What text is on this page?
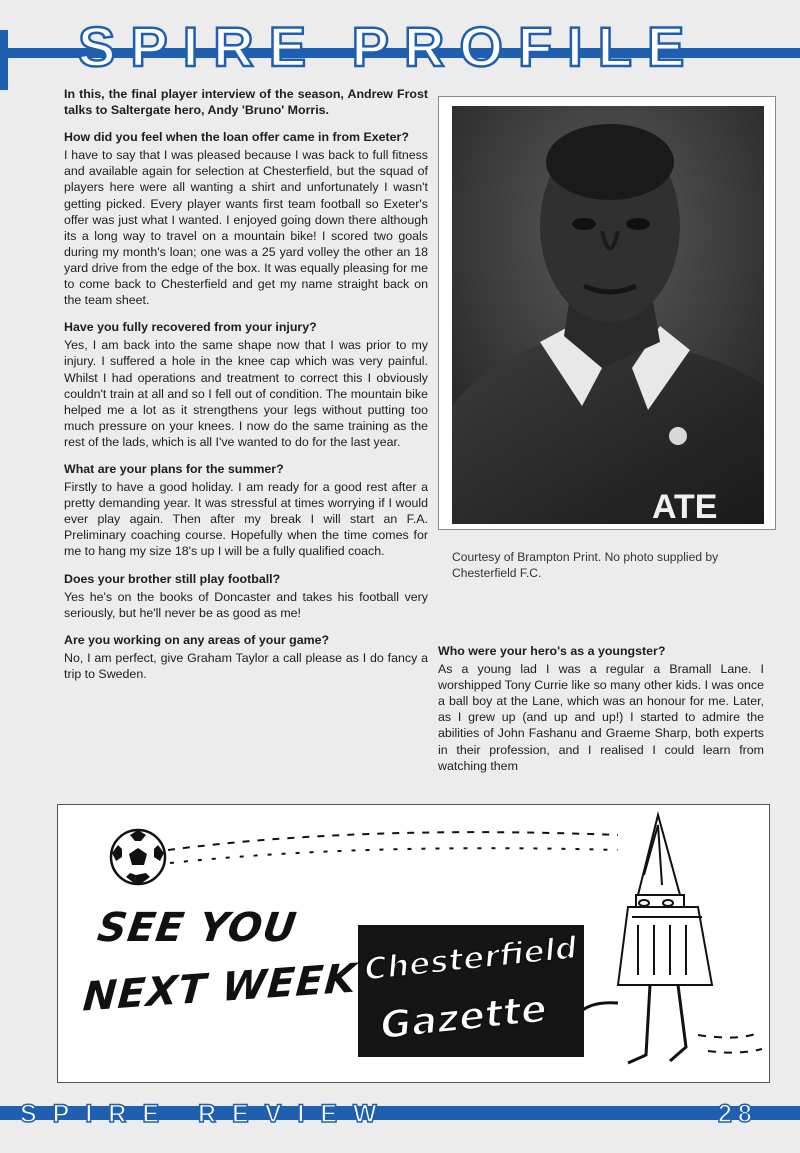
SPIRE PROFILE

In this, the final player interview of the season, Andrew Frost talks to Saltergate hero, Andy 'Bruno' Morris.

How did you feel when the loan offer came in from Exeter?

I have to say that I was pleased because I was back to full fitness and available again for selection at Chesterfield, but the squad of players here were all wanting a shirt and unfortunately I wasn't getting picked. Every player wants first team football so Exeter's offer was just what I wanted. I enjoyed going down there although its a long way to travel on a mountain bike! I scored two goals during my month's loan; one was a 25 yard volley the other an 18 yard drive from the edge of the box. It was equally pleasing for me to come back to Chesterfield and get my name straight back on the team sheet.

Have you fully recovered from your injury?

Yes, I am back into the same shape now that I was prior to my injury. I suffered a hole in the knee cap which was very painful. Whilst I had operations and treatment to correct this I obviously couldn't train at all and so I fell out of condition. The mountain bike helped me a lot as it strengthens your legs without putting too much pressure on your knees. I now do the same training as the rest of the lads, which is all I've wanted to do for the last year.

What are your plans for the summer?

Firstly to have a good holiday. I am ready for a good rest after a pretty demanding year. It was stressful at times worrying if I would ever play again. Then after my break I will start an F.A. Preliminary coaching course. Hopefully when the time comes for me to hang my size 18's up I will be a fully qualified coach.

Does your brother still play football?

Yes he's on the books of Doncaster and takes his football very seriously, but he'll never be as good as me!

Are you working on any areas of your game?

No, I am perfect, give Graham Taylor a call please as I do fancy a trip to Sweden.

ATE
Courtesy of Brampton Print. No photo supplied by Chesterfield F.C.

Who were your hero's as a youngster?

As a young lad I was a regular a Bramall Lane. I worshipped Tony Currie like so many other kids. I was once a ball boy at the Lane, which was an honour for me. Later, as I grew up (and up and up!) I started to admire the abilities of John Fashanu and Graeme Sharp, both experts in their profession, and I realised I could learn from watching them

SEE YOU
NEXT WEEK Chesterfield
Gazette
SPIRE REVIEW	28
